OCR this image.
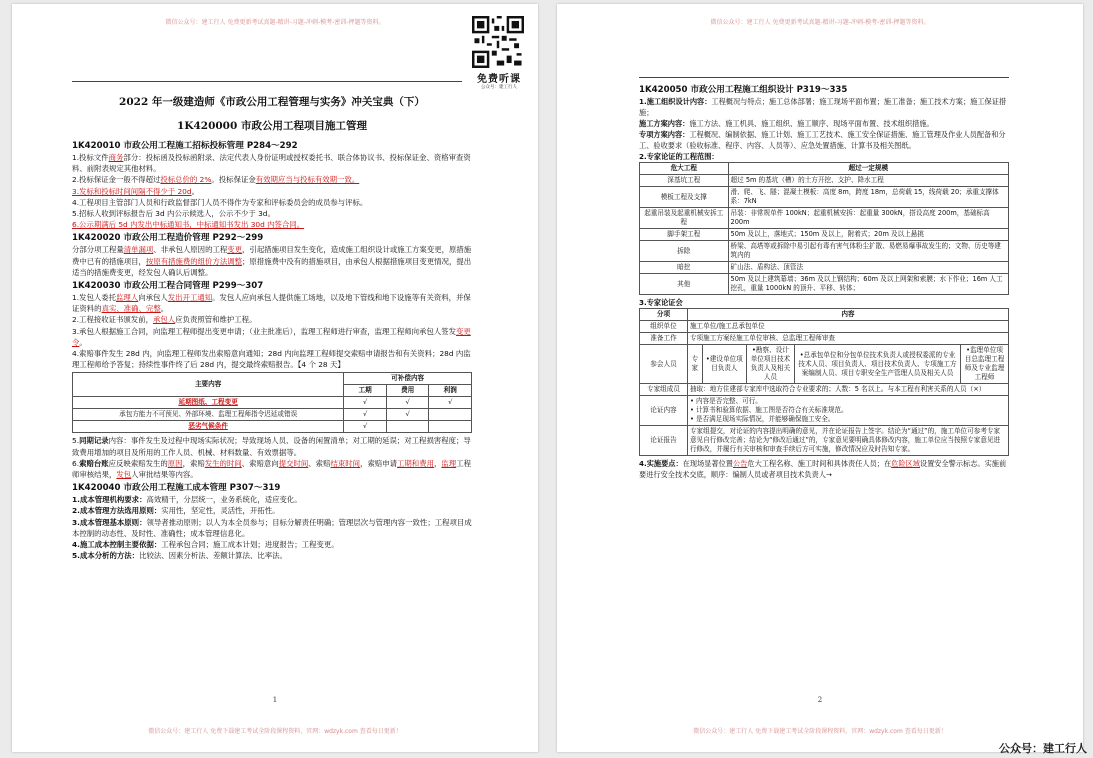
微信公众号：建工行人 免费更新考试真题-精讲-习题-冲刺-模考-密训-押题等资料。
免费听课
公众号：建工行人
2022 年一级建造师《市政公用工程管理与实务》冲关宝典（下）
1K420000 市政公用工程项目施工管理
1K420010 市政公用工程施工招标投标管理 P284～292

1.投标文件商务部分：投标函及投标函附录、法定代表人身份证明或授权委托书、联合体协议书、投标保证金、资格审查资料、前附表规定其他材料。

2.投标保证金一般不得超过投标总价的 2%。投标保证金有效期应当与投标有效期一致。

3.发标和投标时间间隔不得少于 20d。

4.工程项目主管部门人员和行政监督部门人员不得作为专家和评标委员会的成员参与评标。

5.招标人收到评标报告后 3d 内公示候选人，公示不少于 3d。

6.公示期满后 5d 内发出中标通知书，中标通知书发出 30d 内签合同。

1K420020 市政公用工程造价管理 P292～299

分部分项工程量清单漏项、非承包人原因的工程变更，引起措施项目发生变化，造成施工组织设计或施工方案变更，原措施费中已有的措施项目，按原有措施费的组价方法调整；原措施费中没有的措施项目，由承包人根据措施项目变更情况，提出适当的措施费变更，经发包人确认后调整。

1K420030 市政公用工程合同管理 P299～307

1.发包人委托监理人向承包人发出开工通知。发包人应向承包人提供施工场地，以及地下管线和地下设施等有关资料，并保证资料的真实、准确、完整。

2.工程接收证书颁发前，承包人应负责照管和维护工程。

3.承包人根据施工合同，向监理工程师提出变更申请；（业主批准后），监理工程师进行审查，监理工程师向承包人签发变更令。

4.索赔事件发生 28d 内，向监理工程师发出索赔意向通知；28d 内向监理工程师提交索赔申请报告和有关资料；28d 内监理工程师给予答复；持续性事件终了后 28d 内，提交最终索赔报告。【4 个 28 天】

主要内容	可补偿内容		
	工期	费用	利润
延期图纸、工程变更	√	√	√
承包方能力不可预见、外部环境、监理工程师指令迟延或错误	√	√	
恶劣气候条件	√		

5.同期记录内容：事件发生及过程中现场实际状况；导致现场人员、设备的闲置清单；对工期的延误；对工程损害程度；导致费用增加的项目及所用的工作人员、机械、材料数量、有效票据等。

6.索赔台账应反映索赔发生的原因，索赔发生的时间、索赔意向提交时间、索赔结束时间，索赔申请工期和费用，监理工程师审核结果，发包人审批结果等内容。

1K420040 市政公用工程施工成本管理 P307～319

1.成本管理机构要求：高效精干，分层统一，业务系统化，适应变化。

2.成本管理方法选用原则：实用性，坚定性，灵活性，开拓性。

3.成本管理基本原则：领导者推动原则；以人为本全员参与；目标分解责任明确；管理层次与管理内容一致性；工程项目成本控制的动态性、及时性、准确性；成本管理信息化。

4.施工成本控制主要依据：工程承包合同；施工成本计划；进度报告；工程变更。

5.成本分析的方法：比较法、因素分析法、差额计算法、比率法。

1
微信公众号：建工行人 免费下载建工考试全阶段课程资料，官网：wdzyk.com 查看每日更新！
微信公众号：建工行人 免费更新考试真题-精讲-习题-冲刺-模考-密训-押题等资料。
1K420050 市政公用工程施工组织设计 P319～335

1.施工组织设计内容：工程概况与特点；施工总体部署；施工现场平面布置；施工准备；施工技术方案；施工保证措施；

施工方案内容：施工方法、施工机具、施工组织、施工顺序、现场平面布置、技术组织措施。

专项方案内容：工程概况、编制依据、施工计划、施工工艺技术、施工安全保证措施、施工管理及作业人员配备和分工、验收要求（验收标准、程序、内容、人员等）、应急处置措施、计算书及相关图纸。

2.专家论证的工程范围：

危大工程	超过一定规模
深基坑工程	超过 5m 的基坑（槽）的土方开挖、支护、降水工程
模板工程及支撑	滑、爬、飞、隧；混凝土模板：高度 8m，跨度 18m，总荷载 15，线荷载 20；承重支撑体系：7kN
起重吊装及起重机械安拆工程	吊装：非常规单件 100kN；起重机械安拆：起重量 300kN，搭设高度 200m，基础标高 200m
脚手架工程	50m 及以上，落地式；150m 及以上，附着式；20m 及以上悬挑
拆除	桥梁、高塔等或拆除中易引起有毒有害气体粉尘扩散、易燃易爆事故发生的；文物、历史等建筑内的
暗挖	矿山法、盾构法、顶管法
其他	50m 及以上建筑幕墙；36m 及以上钢结构；60m 及以上网架和索膜；水下作业；16m 人工挖孔，重量 1000kN 的顶升、平移、转体；

3.专家论证会

分项	内容				
组织单位	施工单位/施工总承包单位				
准备工作	专项施工方案经施工单位审核、总监理工程师审查				
参会人员	专家	•建设单位项目负责人	•勘察、设计单位项目技术负责人及相关人员	•总承包单位和分包单位技术负责人或授权委派的专业技术人员、项目负责人、项目技术负责人、专项施工方案编制人员、项目专职安全生产管理人员及相关人员	•监理单位项目总监理工程师及专业监理工程师
专家组成员	抽取：地方住建部专家库中选取符合专业要求的；人数：5 名以上。与本工程有利害关系的人员（×）				
论证内容	• 内容是否完整、可行。
• 计算书和验算依据、施工图是否符合有关标准规范。
• 是否满足现场实际情况，并能够确保施工安全。				

论证报告	专家组提交，对论证的内容提出明确的意见，并在论证报告上签字。结论为“通过”的，施工单位可参考专家意见自行修改完善；结论为“修改后通过”的，专家意见要明确具体修改内容，施工单位应当按照专家意见进行修改，并履行有关审核和审查手续后方可实施，修改情况应及时告知专家。				

4.实施要点：在现场显著位置公告危大工程名称、施工时间和具体责任人员；在危险区域设置安全警示标志。实施前要进行安全技术交底，顺序：编制人员或者项目技术负责人→

2
微信公众号：建工行人 免费下载建工考试全阶段课程资料，官网：wdzyk.com 查看每日更新！
公众号：建工行人
